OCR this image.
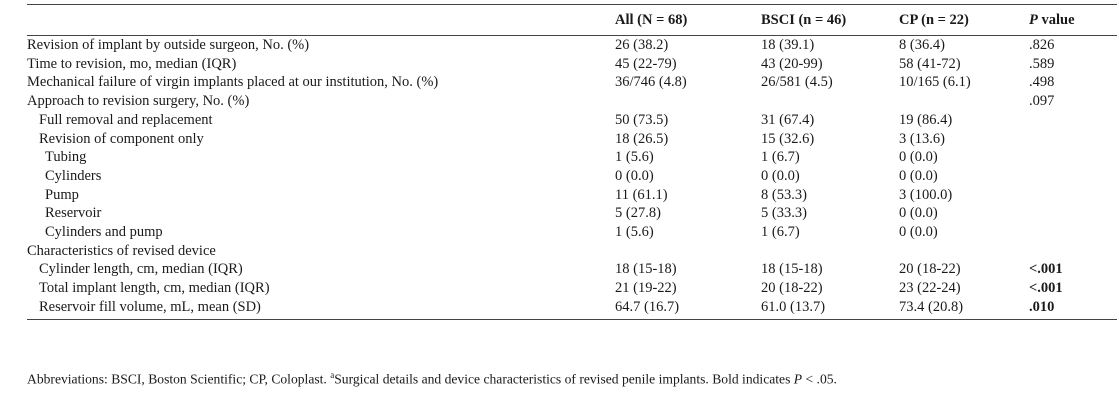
	All (N = 68)	BSCI (n = 46)	CP (n = 22)	P value
Revision of implant by outside surgeon, No. (%)	26 (38.2)	18 (39.1)	8 (36.4)	.826
Time to revision, mo, median (IQR)	45 (22-79)	43 (20-99)	58 (41-72)	.589
Mechanical failure of virgin implants placed at our institution, No. (%)	36/746 (4.8)	26/581 (4.5)	10/165 (6.1)	.498
Approach to revision surgery, No. (%)				.097
Full removal and replacement	50 (73.5)	31 (67.4)	19 (86.4)	
Revision of component only	18 (26.5)	15 (32.6)	3 (13.6)	
Tubing	1 (5.6)	1 (6.7)	0 (0.0)	
Cylinders	0 (0.0)	0 (0.0)	0 (0.0)	
Pump	11 (61.1)	8 (53.3)	3 (100.0)	
Reservoir	5 (27.8)	5 (33.3)	0 (0.0)	
Cylinders and pump	1 (5.6)	1 (6.7)	0 (0.0)	
Characteristics of revised device				
Cylinder length, cm, median (IQR)	18 (15-18)	18 (15-18)	20 (18-22)	<.001
Total implant length, cm, median (IQR)	21 (19-22)	20 (18-22)	23 (22-24)	<.001
Reservoir fill volume, mL, mean (SD)	64.7 (16.7)	61.0 (13.7)	73.4 (20.8)	.010
Abbreviations: BSCI, Boston Scientific; CP, Coloplast. $^a$Surgical details and device characteristics of revised penile implants. Bold indicates P < .05.
